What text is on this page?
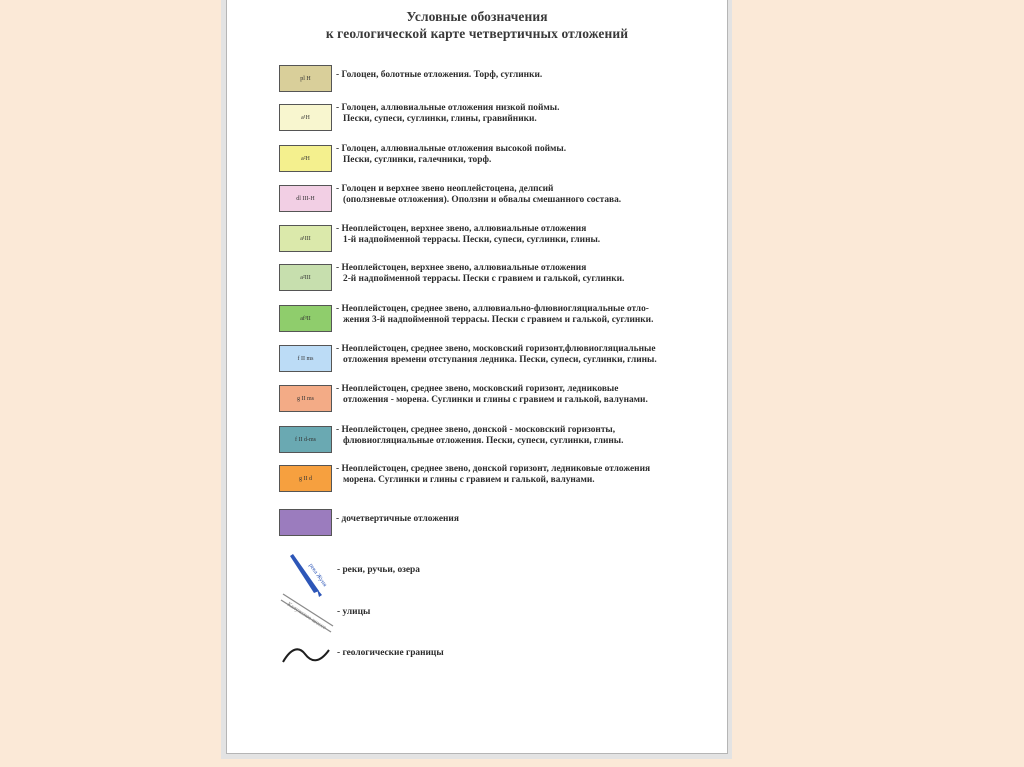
Условные обозначения
к геологической карте четвертичных отложений
pl H	- Голоцен, болотные отложения. Торф, суглинки.
a¹H
- Голоцен, аллювиальные отложения низкой поймы.
Пески, супеси, суглинки, глины, гравийники.
a²H
- Голоцен, аллювиальные отложения высокой поймы.
Пески, суглинки, галечники, торф.
dl III-H
- Голоцен и верхнее звено неоплейстоцена, делпсий
(оползневые отложения). Оползни и обвалы смешанного состава.
a¹III
- Неоплейстоцен, верхнее звено, аллювиальные отложения
1-й надпойменной террасы. Пески, супеси, суглинки, глины.
a²III
- Неоплейстоцен, верхнее звено, аллювиальные отложения
2-й надпойменной террасы. Пески с гравием и галькой, суглинки.
af³II
- Неоплейстоцен, среднее звено, аллювиально-флювиогляциальные отло-
жения 3-й надпойменной террасы. Пески с гравием и галькой, суглинки.
f II ms
- Неоплейстоцен, среднее звено, московский горизонт,флювиогляциальные
отложения времени отступания ледника. Пески, супеси, суглинки, глины.
g II ms
- Неоплейстоцен, среднее звено, московский горизонт, ледниковые
отложения - морена. Суглинки и глины с гравием и галькой, валунами.
f II d-ms
- Неоплейстоцен, среднее звено, донской - московский горизонты,
флювиогляциальные отложения. Пески, супеси, суглинки, глины.
g II d
- Неоплейстоцен, среднее звено, донской горизонт, ледниковые отложения
морена. Суглинки и глины с гравием и галькой, валунами.
- дочетвертичные отложения
река Жуня - реки, ручьи, озера
Калужское шоссе - улицы
- геологические границы
